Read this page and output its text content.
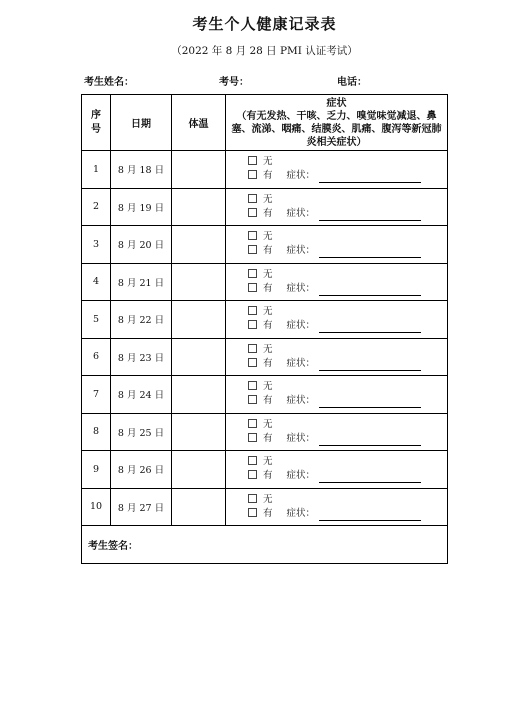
考生个人健康记录表
（2022 年 8 月 28 日 PMI 认证考试）
考生姓名：	考号：	电话：
序号	日期	体温	症状
（有无发热、干咳、乏力、嗅觉味觉减退、鼻塞、流涕、咽痛、结膜炎、肌痛、腹泻等新冠肺炎相关症状）

1	8 月 18 日		无
有 症状：

2	8 月 19 日		无
有 症状：

3	8 月 20 日		无
有 症状：

4	8 月 21 日		无
有 症状：

5	8 月 22 日		无
有 症状：

6	8 月 23 日		无
有 症状：

7	8 月 24 日		无
有 症状：

8	8 月 25 日		无
有 症状：

9	8 月 26 日		无
有 症状：

10	8 月 27 日		无
有 症状：

考生签名：			
